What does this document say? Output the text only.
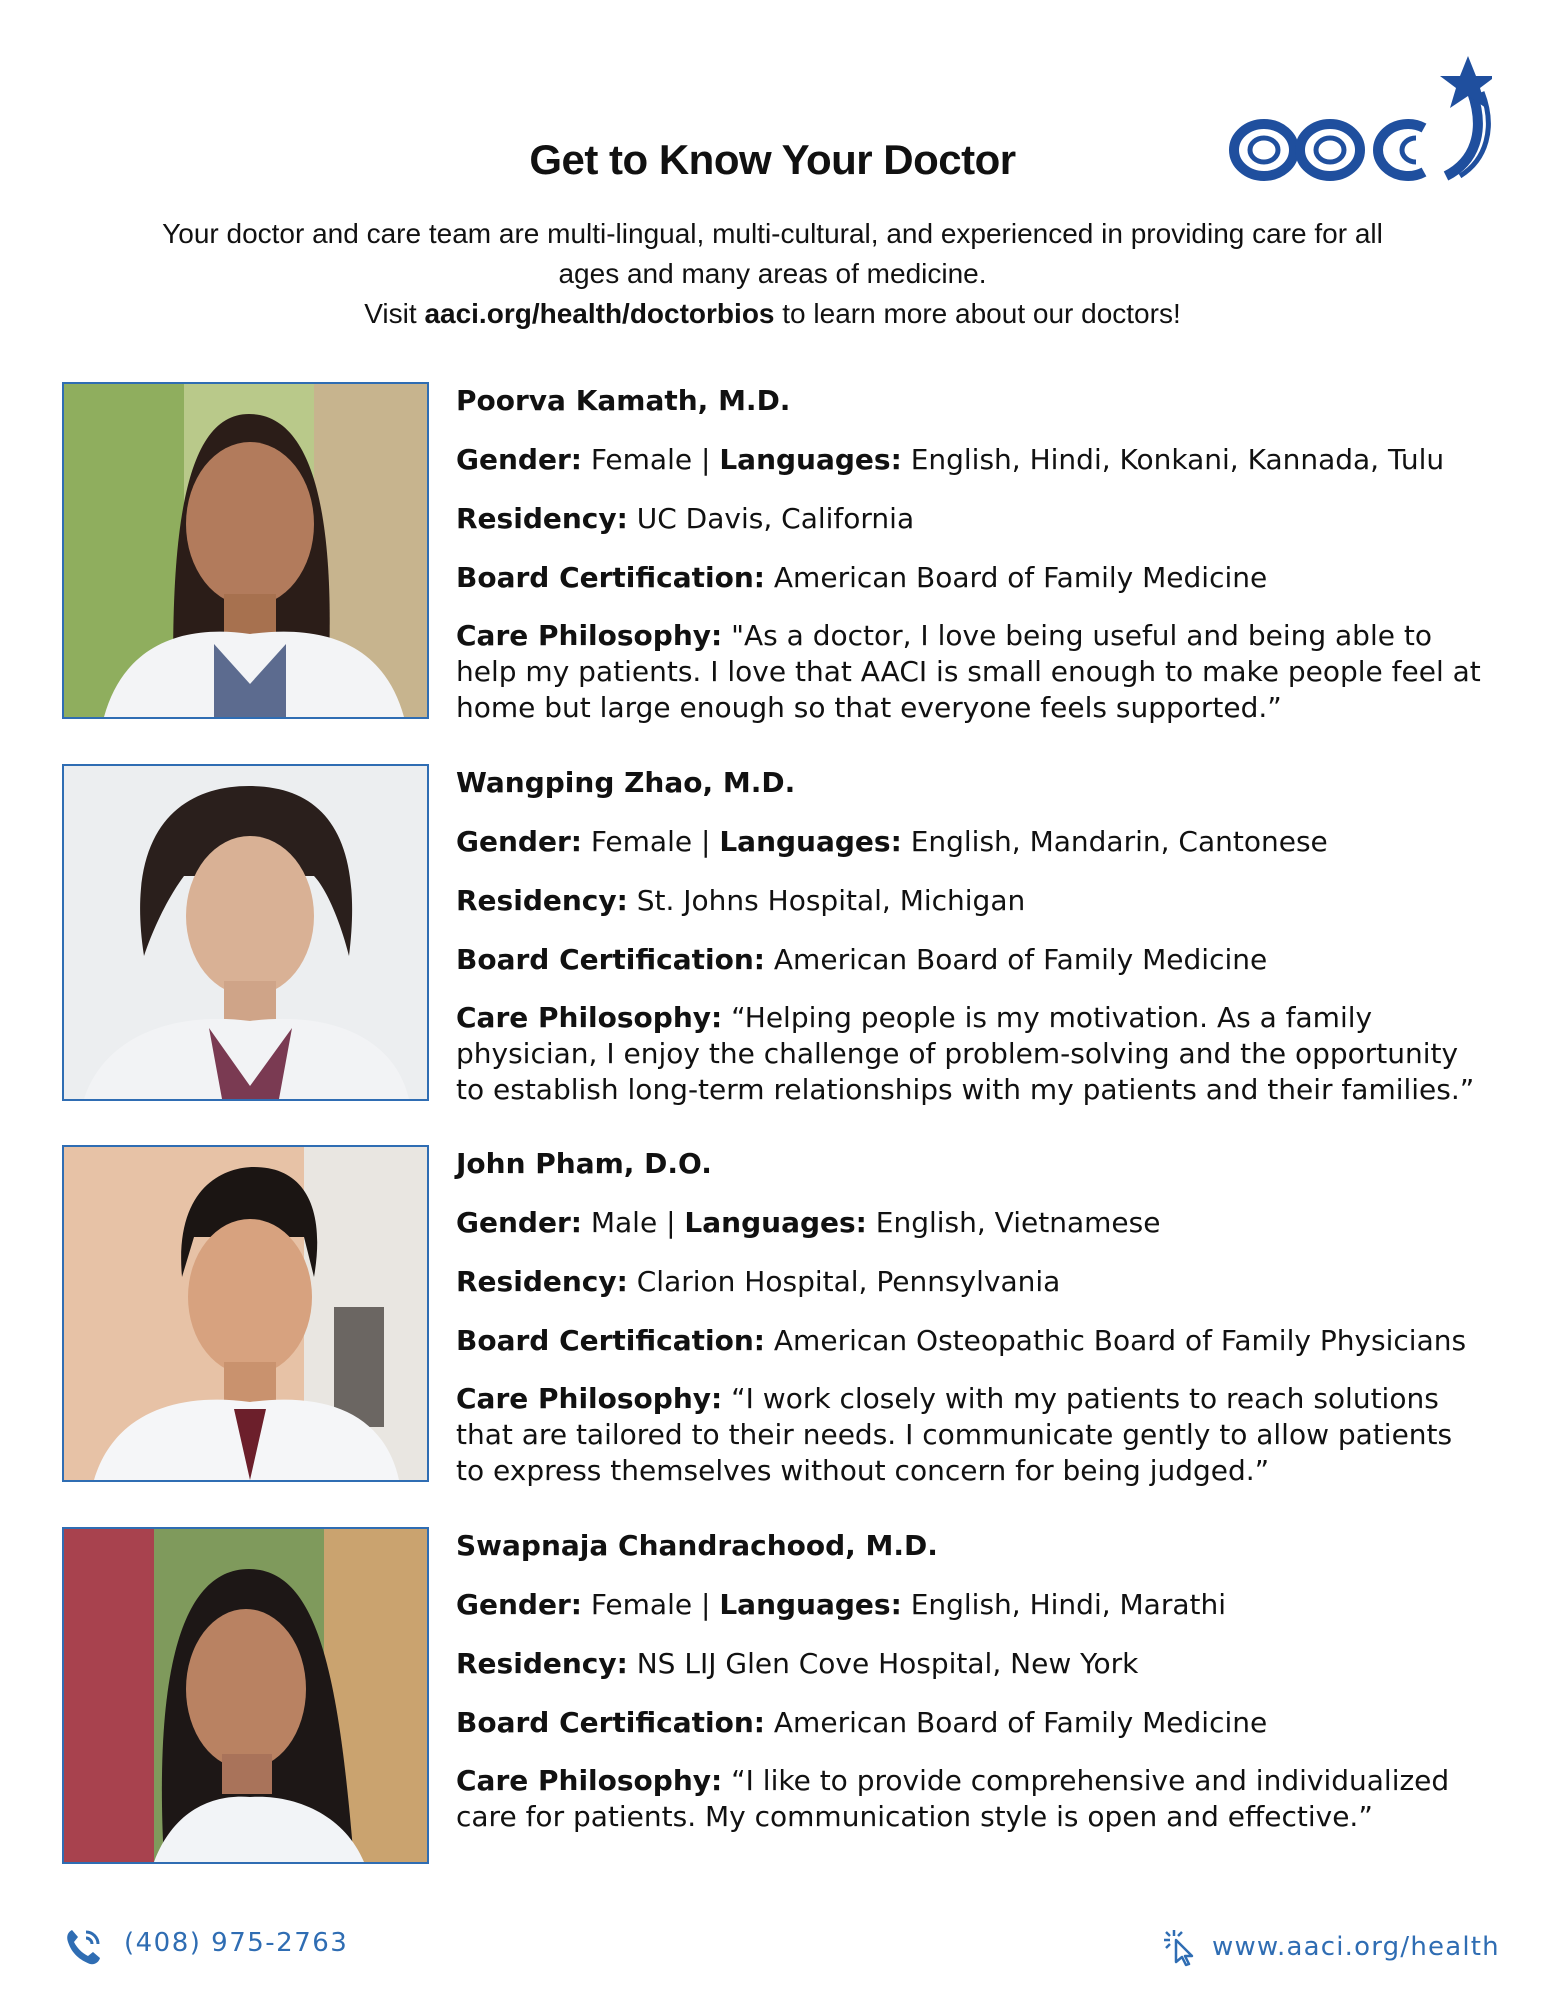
Get to Know Your Doctor
Your doctor and care team are multi-lingual, multi-cultural, and experienced in providing care for all
ages and many areas of medicine.
Visit aaci.org/health/doctorbios to learn more about our doctors!
Poorva Kamath, M.D.
Gender: Female | Languages: English, Hindi, Konkani, Kannada, Tulu
Residency: UC Davis, California
Board Certification: American Board of Family Medicine
Care Philosophy: "As a doctor, I love being useful and being able to help my patients. I love that AACI is small enough to make people feel at home but large enough so that everyone feels supported.”
Wangping Zhao, M.D.
Gender: Female | Languages: English, Mandarin, Cantonese
Residency: St. Johns Hospital, Michigan
Board Certification: American Board of Family Medicine
Care Philosophy: “Helping people is my motivation. As a family physician, I enjoy the challenge of problem-solving and the opportunity to establish long-term relationships with my patients and their families.”
John Pham, D.O.
Gender: Male | Languages: English, Vietnamese
Residency: Clarion Hospital, Pennsylvania
Board Certification: American Osteopathic Board of Family Physicians
Care Philosophy: “I work closely with my patients to reach solutions that are tailored to their needs. I communicate gently to allow patients to express themselves without concern for being judged.”
Swapnaja Chandrachood, M.D.
Gender: Female | Languages: English, Hindi, Marathi
Residency: NS LIJ Glen Cove Hospital, New York
Board Certification: American Board of Family Medicine
Care Philosophy: “I like to provide comprehensive and individualized care for patients. My communication style is open and effective.”
(408) 975-2763	www.aaci.org/health
